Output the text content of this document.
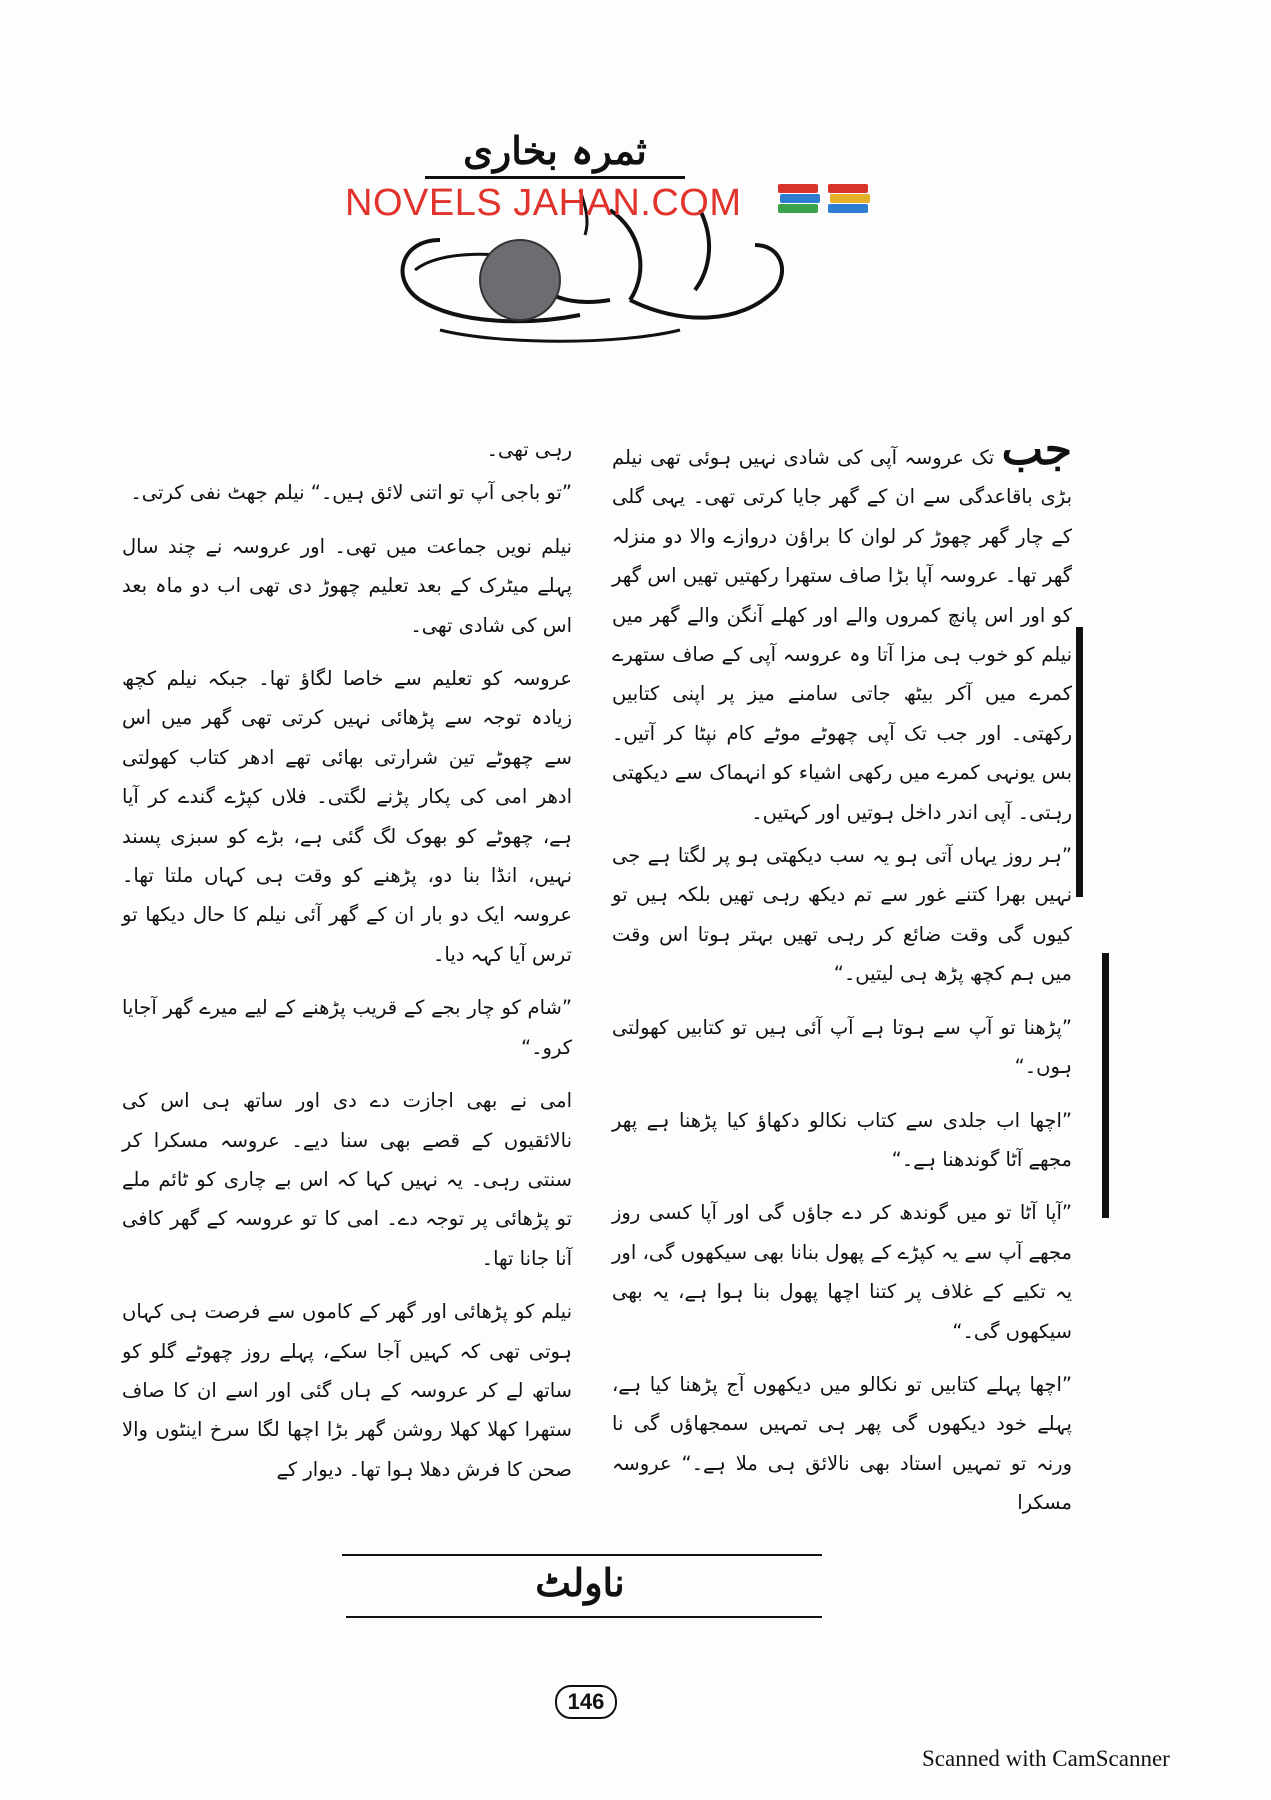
ثمرہ بخاری
NOVELS JAHAN.COM

جب تک عروسہ آپی کی شادی نہیں ہوئی تھی نیلم بڑی باقاعدگی سے ان کے گھر جایا کرتی تھی۔ یہی گلی کے چار گھر چھوڑ کر لوان کا براؤن دروازے والا دو منزلہ گھر تھا۔ عروسہ آپا بڑا صاف ستھرا رکھتیں تھیں اس گھر کو اور اس پانچ کمروں والے اور کھلے آنگن والے گھر میں نیلم کو خوب ہی مزا آتا وہ عروسہ آپی کے صاف ستھرے کمرے میں آکر بیٹھ جاتی سامنے میز پر اپنی کتابیں رکھتی۔ اور جب تک آپی چھوٹے موٹے کام نپٹا کر آتیں۔ بس یونہی کمرے میں رکھی اشیاء کو انہماک سے دیکھتی رہتی۔ آپی اندر داخل ہوتیں اور کہتیں۔

”ہر روز یہاں آتی ہو یہ سب دیکھتی ہو پر لگتا ہے جی نہیں بھرا کتنے غور سے تم دیکھ رہی تھیں بلکہ ہیں تو کیوں گی وقت ضائع کر رہی تھیں بہتر ہوتا اس وقت میں ہم کچھ پڑھ ہی لیتیں۔“

”پڑھنا تو آپ سے ہوتا ہے آپ آئی ہیں تو کتابیں کھولتی ہوں۔“

”اچھا اب جلدی سے کتاب نکالو دکھاؤ کیا پڑھنا ہے پھر مجھے آٹا گوندھنا ہے۔“

”آپا آٹا تو میں گوندھ کر دے جاؤں گی اور آپا کسی روز مجھے آپ سے یہ کپڑے کے پھول بنانا بھی سیکھوں گی، اور یہ تکیے کے غلاف پر کتنا اچھا پھول بنا ہوا ہے، یہ بھی سیکھوں گی۔“

”اچھا پہلے کتابیں تو نکالو میں دیکھوں آج پڑھنا کیا ہے، پہلے خود دیکھوں گی پھر ہی تمہیں سمجھاؤں گی نا ورنہ تو تمہیں استاد بھی نالائق ہی ملا ہے۔“ عروسہ مسکرا

رہی تھی۔

”تو باجی آپ تو اتنی لائق ہیں۔“ نیلم جھٹ نفی کرتی۔

نیلم نویں جماعت میں تھی۔ اور عروسہ نے چند سال پہلے میٹرک کے بعد تعلیم چھوڑ دی تھی اب دو ماہ بعد اس کی شادی تھی۔

عروسہ کو تعلیم سے خاصا لگاؤ تھا۔ جبکہ نیلم کچھ زیادہ توجہ سے پڑھائی نہیں کرتی تھی گھر میں اس سے چھوٹے تین شرارتی بھائی تھے ادھر کتاب کھولتی ادھر امی کی پکار پڑنے لگتی۔ فلاں کپڑے گندے کر آیا ہے، چھوٹے کو بھوک لگ گئی ہے، بڑے کو سبزی پسند نہیں، انڈا بنا دو، پڑھنے کو وقت ہی کہاں ملتا تھا۔ عروسہ ایک دو بار ان کے گھر آئی نیلم کا حال دیکھا تو ترس آیا کہہ دیا۔

”شام کو چار بجے کے قریب پڑھنے کے لیے میرے گھر آجایا کرو۔“

امی نے بھی اجازت دے دی اور ساتھ ہی اس کی نالائقیوں کے قصے بھی سنا دیے۔ عروسہ مسکرا کر سنتی رہی۔ یہ نہیں کہا کہ اس بے چاری کو ٹائم ملے تو پڑھائی پر توجہ دے۔ امی کا تو عروسہ کے گھر کافی آنا جانا تھا۔

نیلم کو پڑھائی اور گھر کے کاموں سے فرصت ہی کہاں ہوتی تھی کہ کہیں آجا سکے، پہلے روز چھوٹے گلو کو ساتھ لے کر عروسہ کے ہاں گئی اور اسے ان کا صاف ستھرا کھلا کھلا روشن گھر بڑا اچھا لگا سرخ اینٹوں والا صحن کا فرش دھلا ہوا تھا۔ دیوار کے

ناولٹ
146
Scanned with CamScanner
